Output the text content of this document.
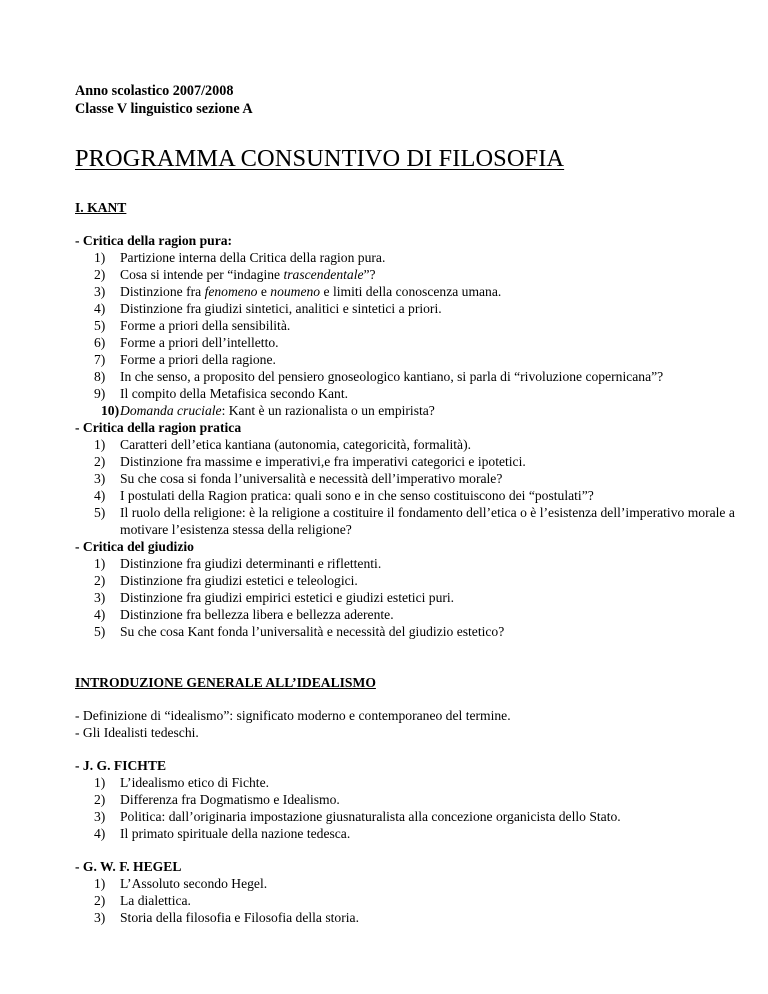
Anno scolastico 2007/2008
Classe V linguistico sezione A
PROGRAMMA CONSUNTIVO DI FILOSOFIA
I. KANT
- Critica della ragion pura:
1) Partizione interna della Critica della ragion pura.
2) Cosa si intende per “indagine trascendentale”?
3) Distinzione fra fenomeno e noumeno e limiti della conoscenza umana.
4) Distinzione fra giudizi sintetici, analitici e sintetici a priori.
5) Forme a priori della sensibilità.
6) Forme a priori dell’intelletto.
7) Forme a priori della ragione.
8) In che senso, a proposito del pensiero gnoseologico kantiano, si parla di “rivoluzione copernicana”?
9) Il compito della Metafisica secondo Kant.
10) Domanda cruciale: Kant è un razionalista o un empirista?
- Critica della ragion pratica
1) Caratteri dell’etica kantiana (autonomia, categoricità, formalità).
2) Distinzione fra massime e imperativi,e fra imperativi categorici e ipotetici.
3) Su che cosa si fonda l’universalità e necessità dell’imperativo morale?
4) I postulati della Ragion pratica: quali sono e in che senso costituiscono dei “postulati”?
5) Il ruolo della religione: è la religione a costituire il fondamento dell’etica o è l’esistenza dell’imperativo morale a motivare l’esistenza stessa della religione?
- Critica del giudizio
1) Distinzione fra giudizi determinanti e riflettenti.
2) Distinzione fra giudizi estetici e teleologici.
3) Distinzione fra giudizi empirici estetici e giudizi estetici puri.
4) Distinzione fra bellezza libera e bellezza aderente.
5) Su che cosa Kant fonda l’universalità e necessità del giudizio estetico?
INTRODUZIONE GENERALE ALL’IDEALISMO
- Definizione di “idealismo”: significato moderno e contemporaneo del termine.
- Gli Idealisti tedeschi.
- J. G. FICHTE
1) L’idealismo etico di Fichte.
2) Differenza fra Dogmatismo e Idealismo.
3) Politica: dall’originaria impostazione giusnaturalista alla concezione organicista dello Stato.
4) Il primato spirituale della nazione tedesca.
- G. W. F. HEGEL
1) L’Assoluto secondo Hegel.
2) La dialettica.
3) Storia della filosofia e Filosofia della storia.
